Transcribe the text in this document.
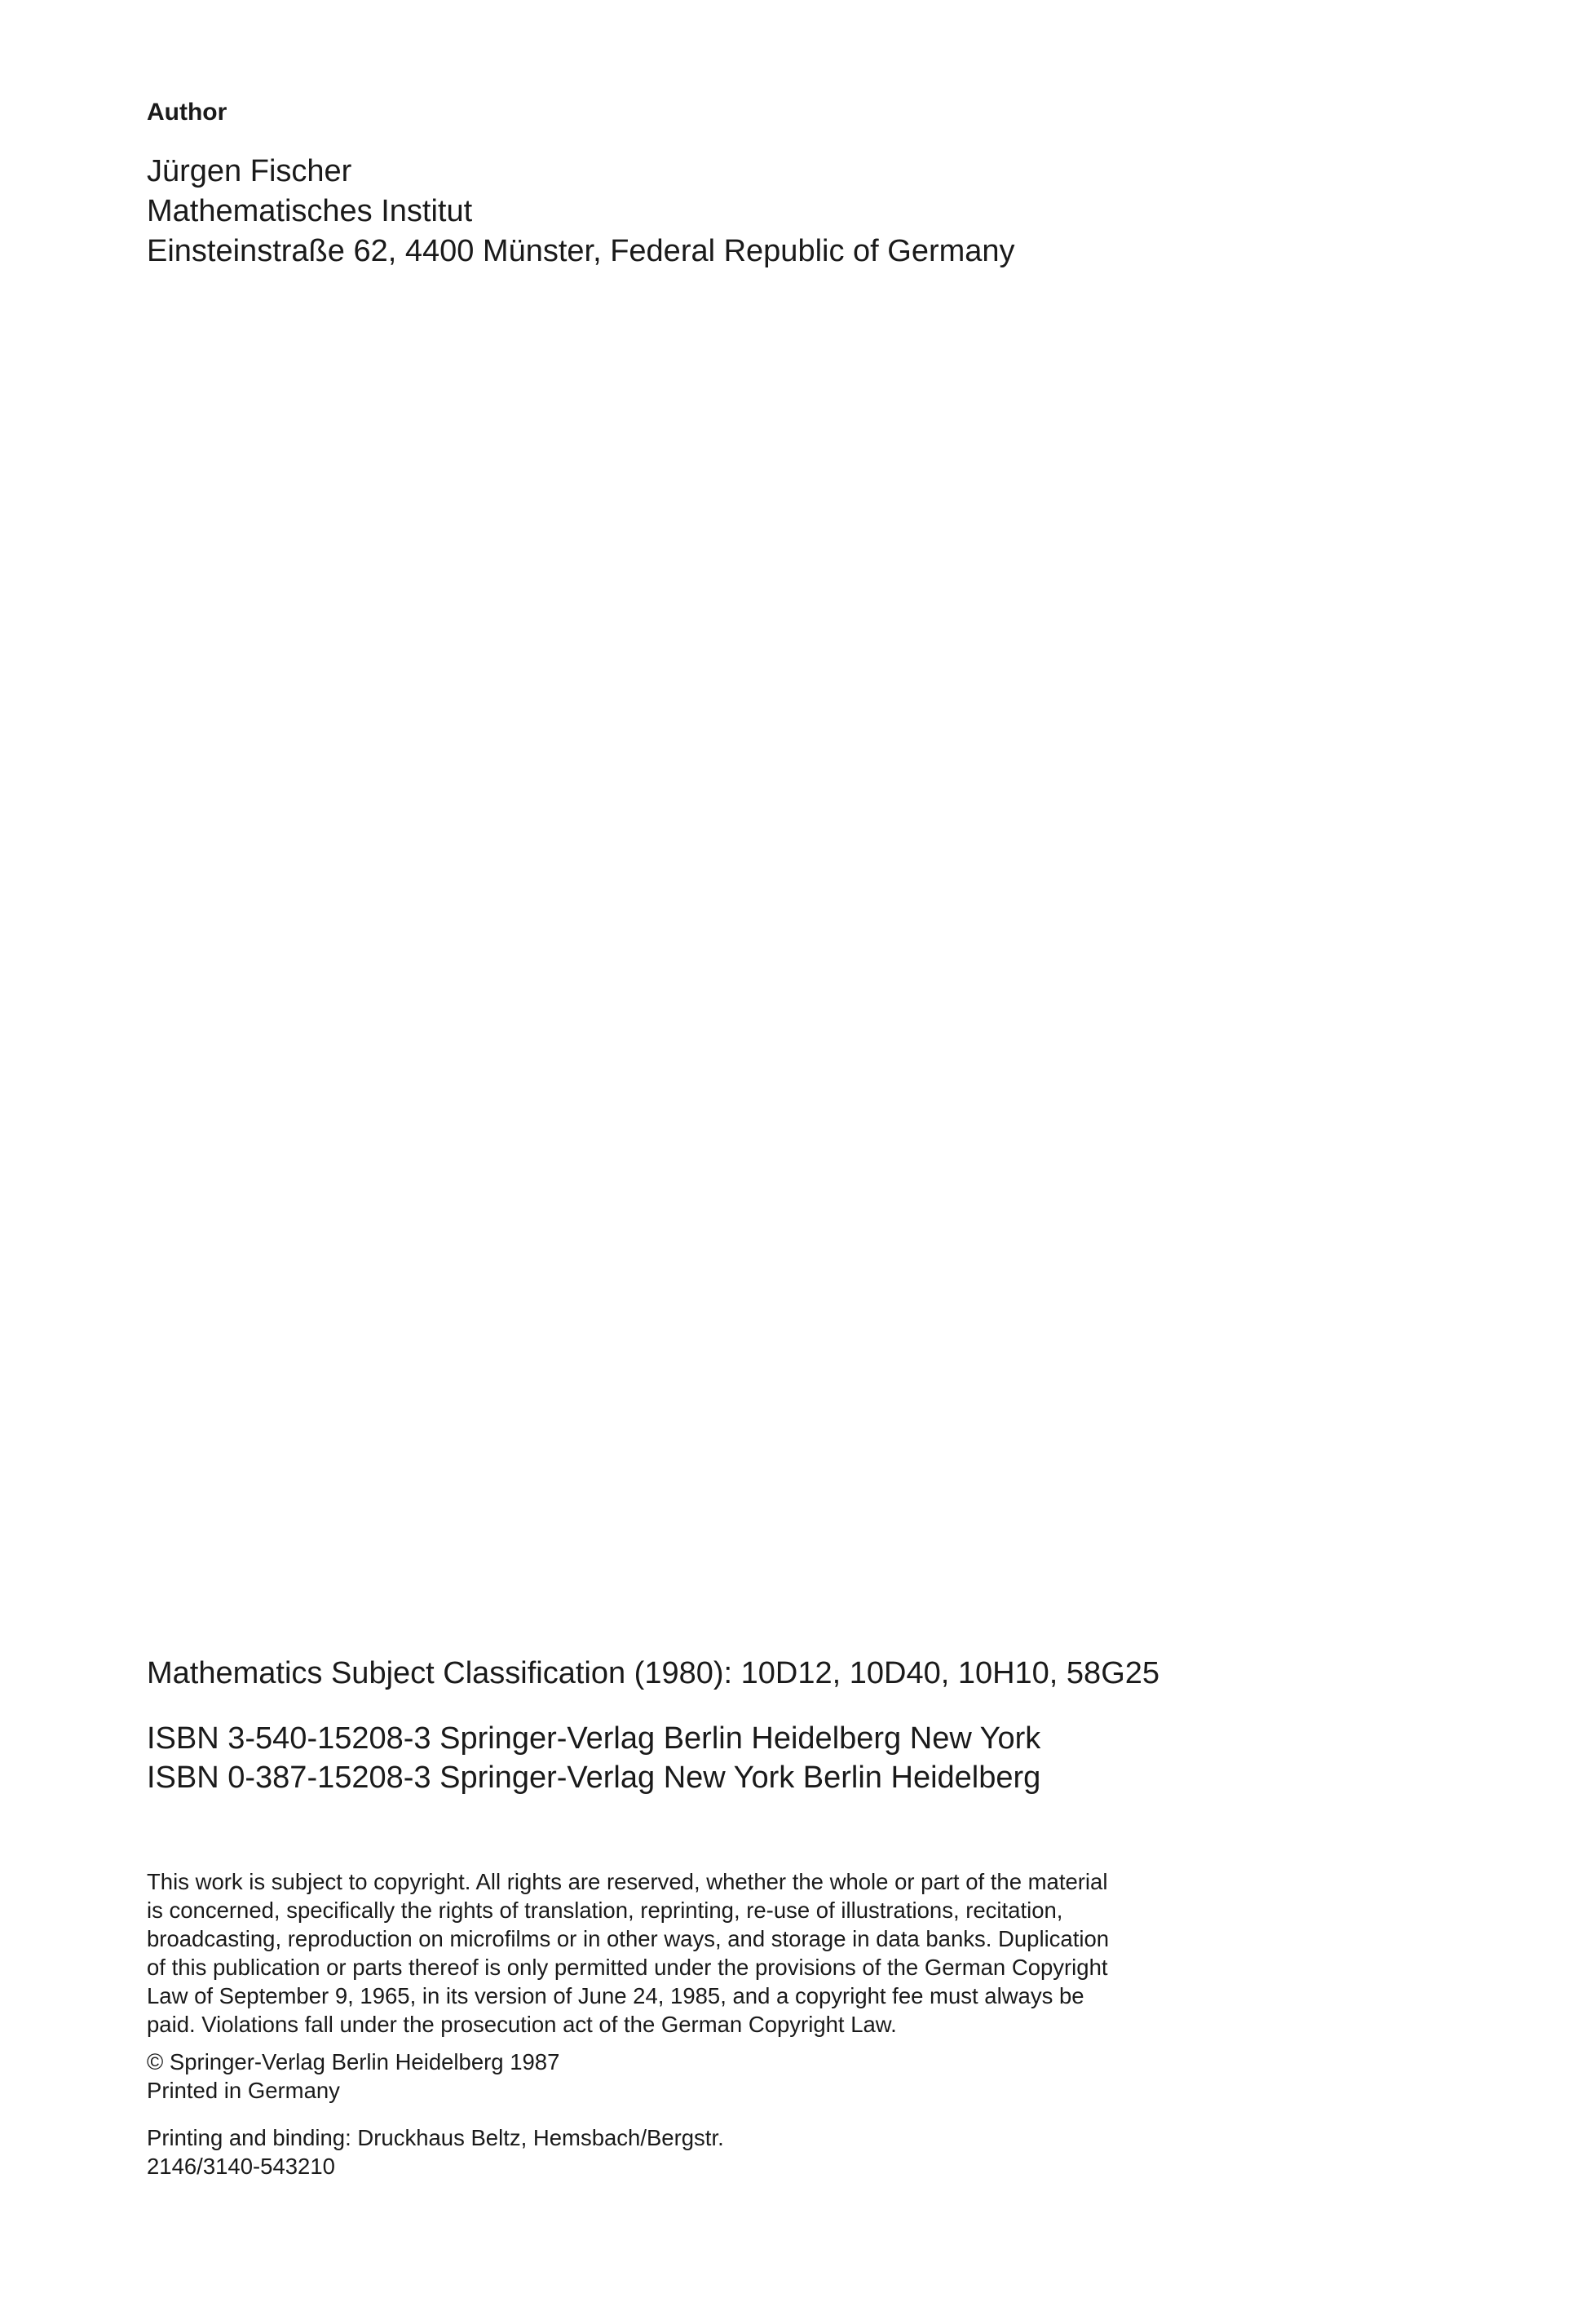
Author

Jürgen Fischer

Mathematisches Institut

Einsteinstraße 62, 4400 Münster, Federal Republic of Germany

Mathematics Subject Classification (1980): 10D12, 10D40, 10H10, 58G25

ISBN 3-540-15208-3 Springer-Verlag Berlin Heidelberg New York

ISBN 0-387-15208-3 Springer-Verlag New York Berlin Heidelberg

This work is subject to copyright. All rights are reserved, whether the whole or part of the material
is concerned, specifically the rights of translation, reprinting, re-use of illustrations, recitation,
broadcasting, reproduction on microfilms or in other ways, and storage in data banks. Duplication
of this publication or parts thereof is only permitted under the provisions of the German Copyright
Law of September 9, 1965, in its version of June 24, 1985, and a copyright fee must always be
paid. Violations fall under the prosecution act of the German Copyright Law.

© Springer-Verlag Berlin Heidelberg 1987

Printed in Germany

Printing and binding: Druckhaus Beltz, Hemsbach/Bergstr.

2146/3140-543210
